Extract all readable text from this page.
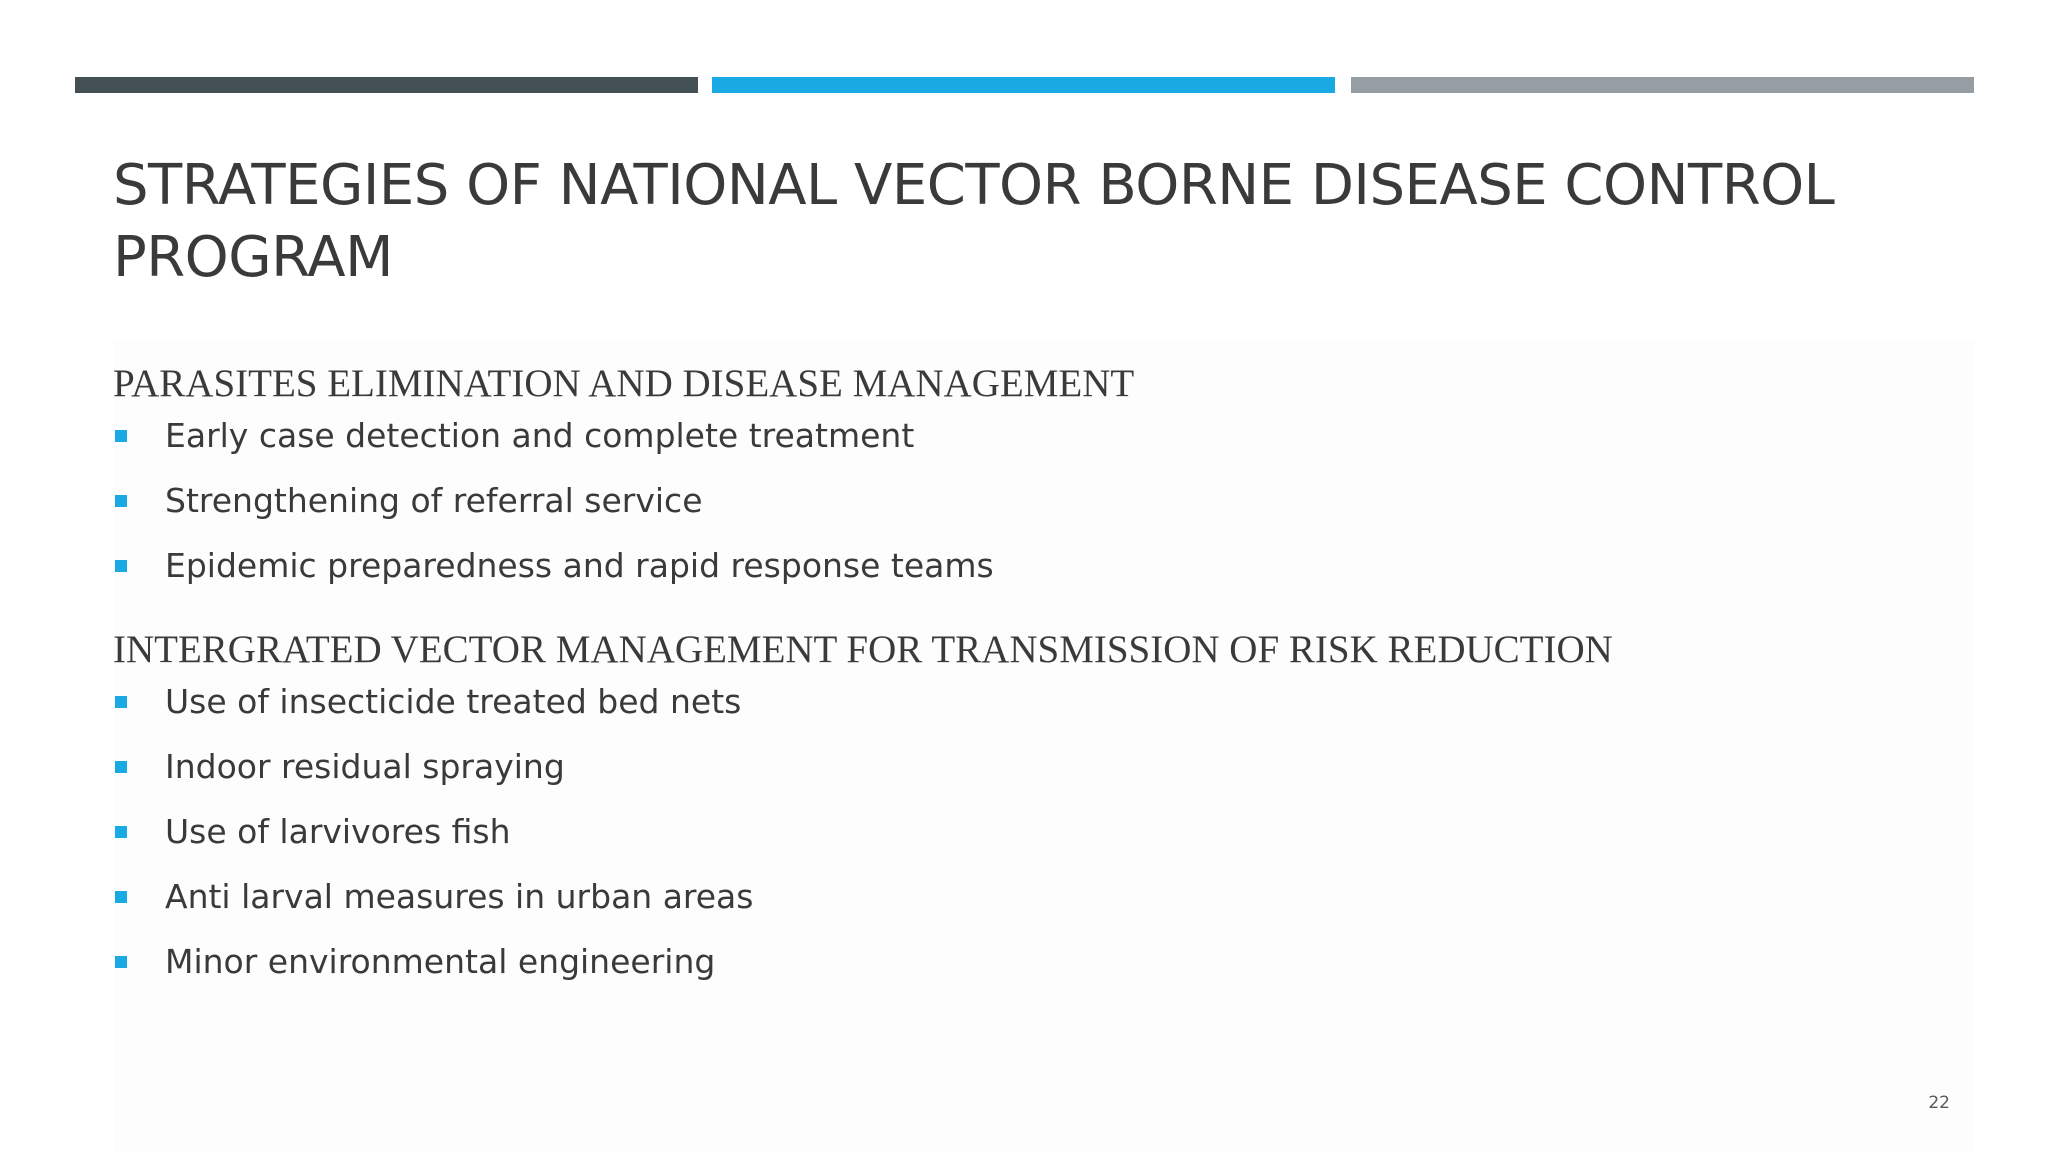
STRATEGIES OF NATIONAL VECTOR BORNE DISEASE CONTROL PROGRAM
PARASITES ELIMINATION AND DISEASE MANAGEMENT
Early case detection and complete treatment
Strengthening of referral service
Epidemic preparedness and rapid response teams
INTERGRATED VECTOR MANAGEMENT FOR TRANSMISSION OF RISK REDUCTION
Use of insecticide treated bed nets
Indoor residual spraying
Use of larvivores fish
Anti larval measures in urban areas
Minor environmental engineering
22
